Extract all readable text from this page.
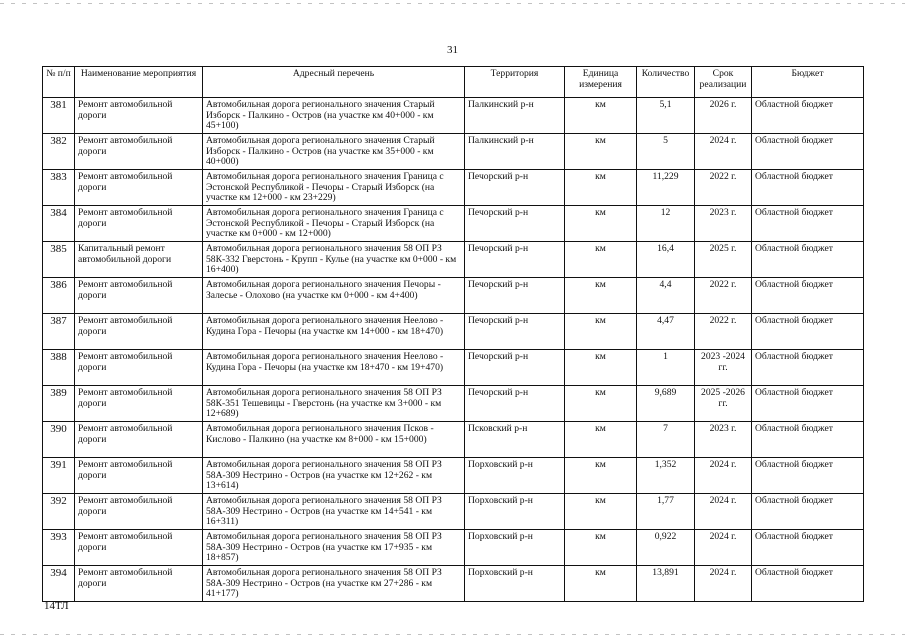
31
№ п/п	Наименование мероприятия	Адресный перечень	Территория	Единица измерения	Количество	Срок реализации	Бюджет
381	Ремонт автомобильной дороги	Автомобильная дорога регионального значения Старый Изборск - Палкино - Остров (на участке км 40+000 - км 45+100)	Палкинский р-н	км	5,1	2026 г.	Областной бюджет
382	Ремонт автомобильной дороги	Автомобильная дорога регионального значения Старый Изборск - Палкино - Остров (на участке км 35+000 - км 40+000)	Палкинский р-н	км	5	2024 г.	Областной бюджет
383	Ремонт автомобильной дороги	Автомобильная дорога регионального значения Граница с Эстонской Республикой - Печоры - Старый Изборск (на участке км 12+000 - км 23+229)	Печорский р-н	км	11,229	2022 г.	Областной бюджет
384	Ремонт автомобильной дороги	Автомобильная дорога регионального значения Граница с Эстонской Республикой - Печоры - Старый Изборск (на участке км 0+000 - км 12+000)	Печорский р-н	км	12	2023 г.	Областной бюджет
385	Капитальный ремонт автомобильной дороги	Автомобильная дорога регионального значения 58 ОП РЗ 58К-332 Гверстонь - Крупп - Кулье (на участке км 0+000 - км 16+400)	Печорский р-н	км	16,4	2025 г.	Областной бюджет
386	Ремонт автомобильной дороги	Автомобильная дорога регионального значения Печоры - Залесье - Олохово (на участке км 0+000 - км 4+400)	Печорский р-н	км	4,4	2022 г.	Областной бюджет
387	Ремонт автомобильной дороги	Автомобильная дорога регионального значения Неелово - Кудина Гора - Печоры (на участке км 14+000 - км 18+470)	Печорский р-н	км	4,47	2022 г.	Областной бюджет
388	Ремонт автомобильной дороги	Автомобильная дорога регионального значения Неелово - Кудина Гора - Печоры (на участке км 18+470 - км 19+470)	Печорский р-н	км	1	2023 -2024 гг.	Областной бюджет
389	Ремонт автомобильной дороги	Автомобильная дорога регионального значения 58 ОП РЗ 58К-351 Тешевицы - Гверстонь (на участке км 3+000 - км 12+689)	Печорский р-н	км	9,689	2025 -2026 гг.	Областной бюджет
390	Ремонт автомобильной дороги	Автомобильная дорога регионального значения Псков - Кислово - Палкино (на участке км 8+000 - км 15+000)	Псковский р-н	км	7	2023 г.	Областной бюджет
391	Ремонт автомобильной дороги	Автомобильная дорога регионального значения 58 ОП РЗ 58А-309 Нестрино - Остров (на участке км 12+262 - км 13+614)	Порховский р-н	км	1,352	2024 г.	Областной бюджет
392	Ремонт автомобильной дороги	Автомобильная дорога регионального значения 58 ОП РЗ 58А-309 Нестрино - Остров (на участке км 14+541 - км 16+311)	Порховский р-н	км	1,77	2024 г.	Областной бюджет
393	Ремонт автомобильной дороги	Автомобильная дорога регионального значения 58 ОП РЗ 58А-309 Нестрино - Остров (на участке км 17+935 - км 18+857)	Порховский р-н	км	0,922	2024 г.	Областной бюджет
394	Ремонт автомобильной дороги	Автомобильная дорога регионального значения 58 ОП РЗ 58А-309 Нестрино - Остров (на участке км 27+286 - км 41+177)	Порховский р-н	км	13,891	2024 г.	Областной бюджет
14ТЛ
